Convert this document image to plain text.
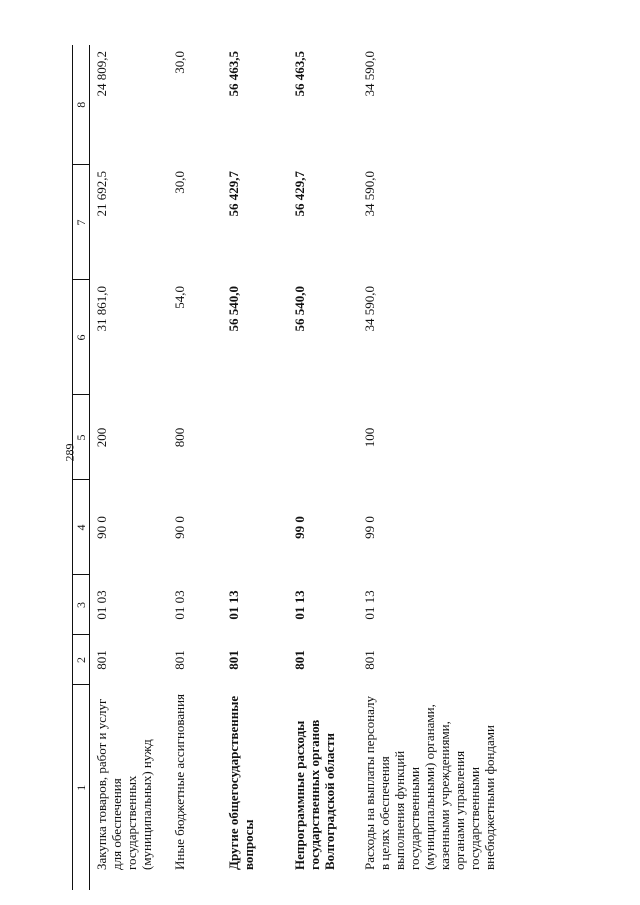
289
1	2	3	4	5	6	7	8
Закупка товаров, работ и услуг для обеспечения государственных (муниципальных) нужд	801	01 03	90 0	200	31 861,0	21 692,5	24 809,2
Иные бюджетные ассигнования	801	01 03	90 0	800	54,0	30,0	30,0
Другие общегосударственные вопросы	801	01 13			56 540,0	56 429,7	56 463,5
Непрограммные расходы государственных органов Волгоградской области	801	01 13	99 0		56 540,0	56 429,7	56 463,5
Расходы на выплаты персоналу в целях обеспечения выполнения функций государственными (муниципальными) органами, казенными учреждениями, органами управления государственными внебюджетными фондами	801	01 13	99 0	100	34 590,0	34 590,0	34 590,0
